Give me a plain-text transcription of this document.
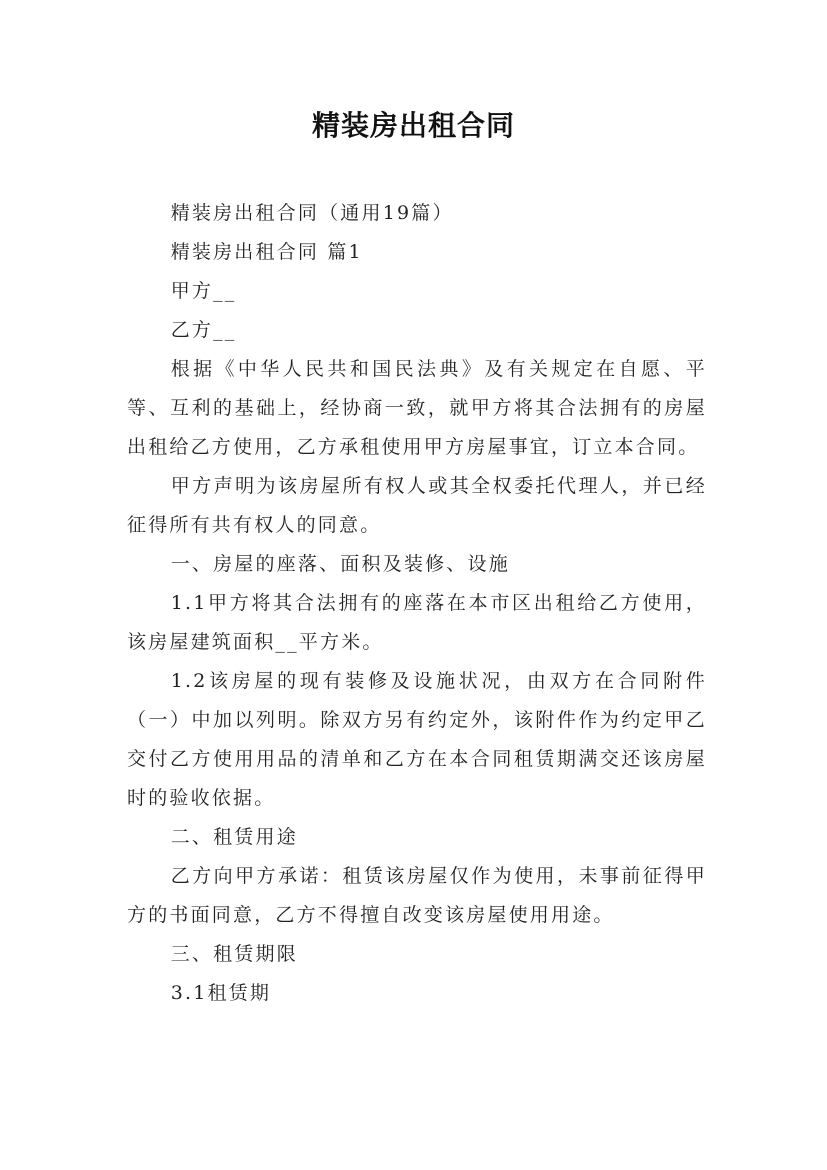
精装房出租合同

精装房出租合同（通用19篇）

精装房出租合同 篇1

甲方__

乙方__

根据《中华人民共和国民法典》及有关规定在自愿、平等、互利的基础上，经协商一致，就甲方将其合法拥有的房屋出租给乙方使用，乙方承租使用甲方房屋事宜，订立本合同。

甲方声明为该房屋所有权人或其全权委托代理人，并已经征得所有共有权人的同意。

一、房屋的座落、面积及装修、设施

1.1甲方将其合法拥有的座落在本市区出租给乙方使用，该房屋建筑面积__平方米。

1.2该房屋的现有装修及设施状况，由双方在合同附件（一）中加以列明。除双方另有约定外，该附件作为约定甲乙交付乙方使用用品的清单和乙方在本合同租赁期满交还该房屋时的验收依据。

二、租赁用途

乙方向甲方承诺：租赁该房屋仅作为使用，未事前征得甲方的书面同意，乙方不得擅自改变该房屋使用用途。

三、租赁期限

3.1租赁期
